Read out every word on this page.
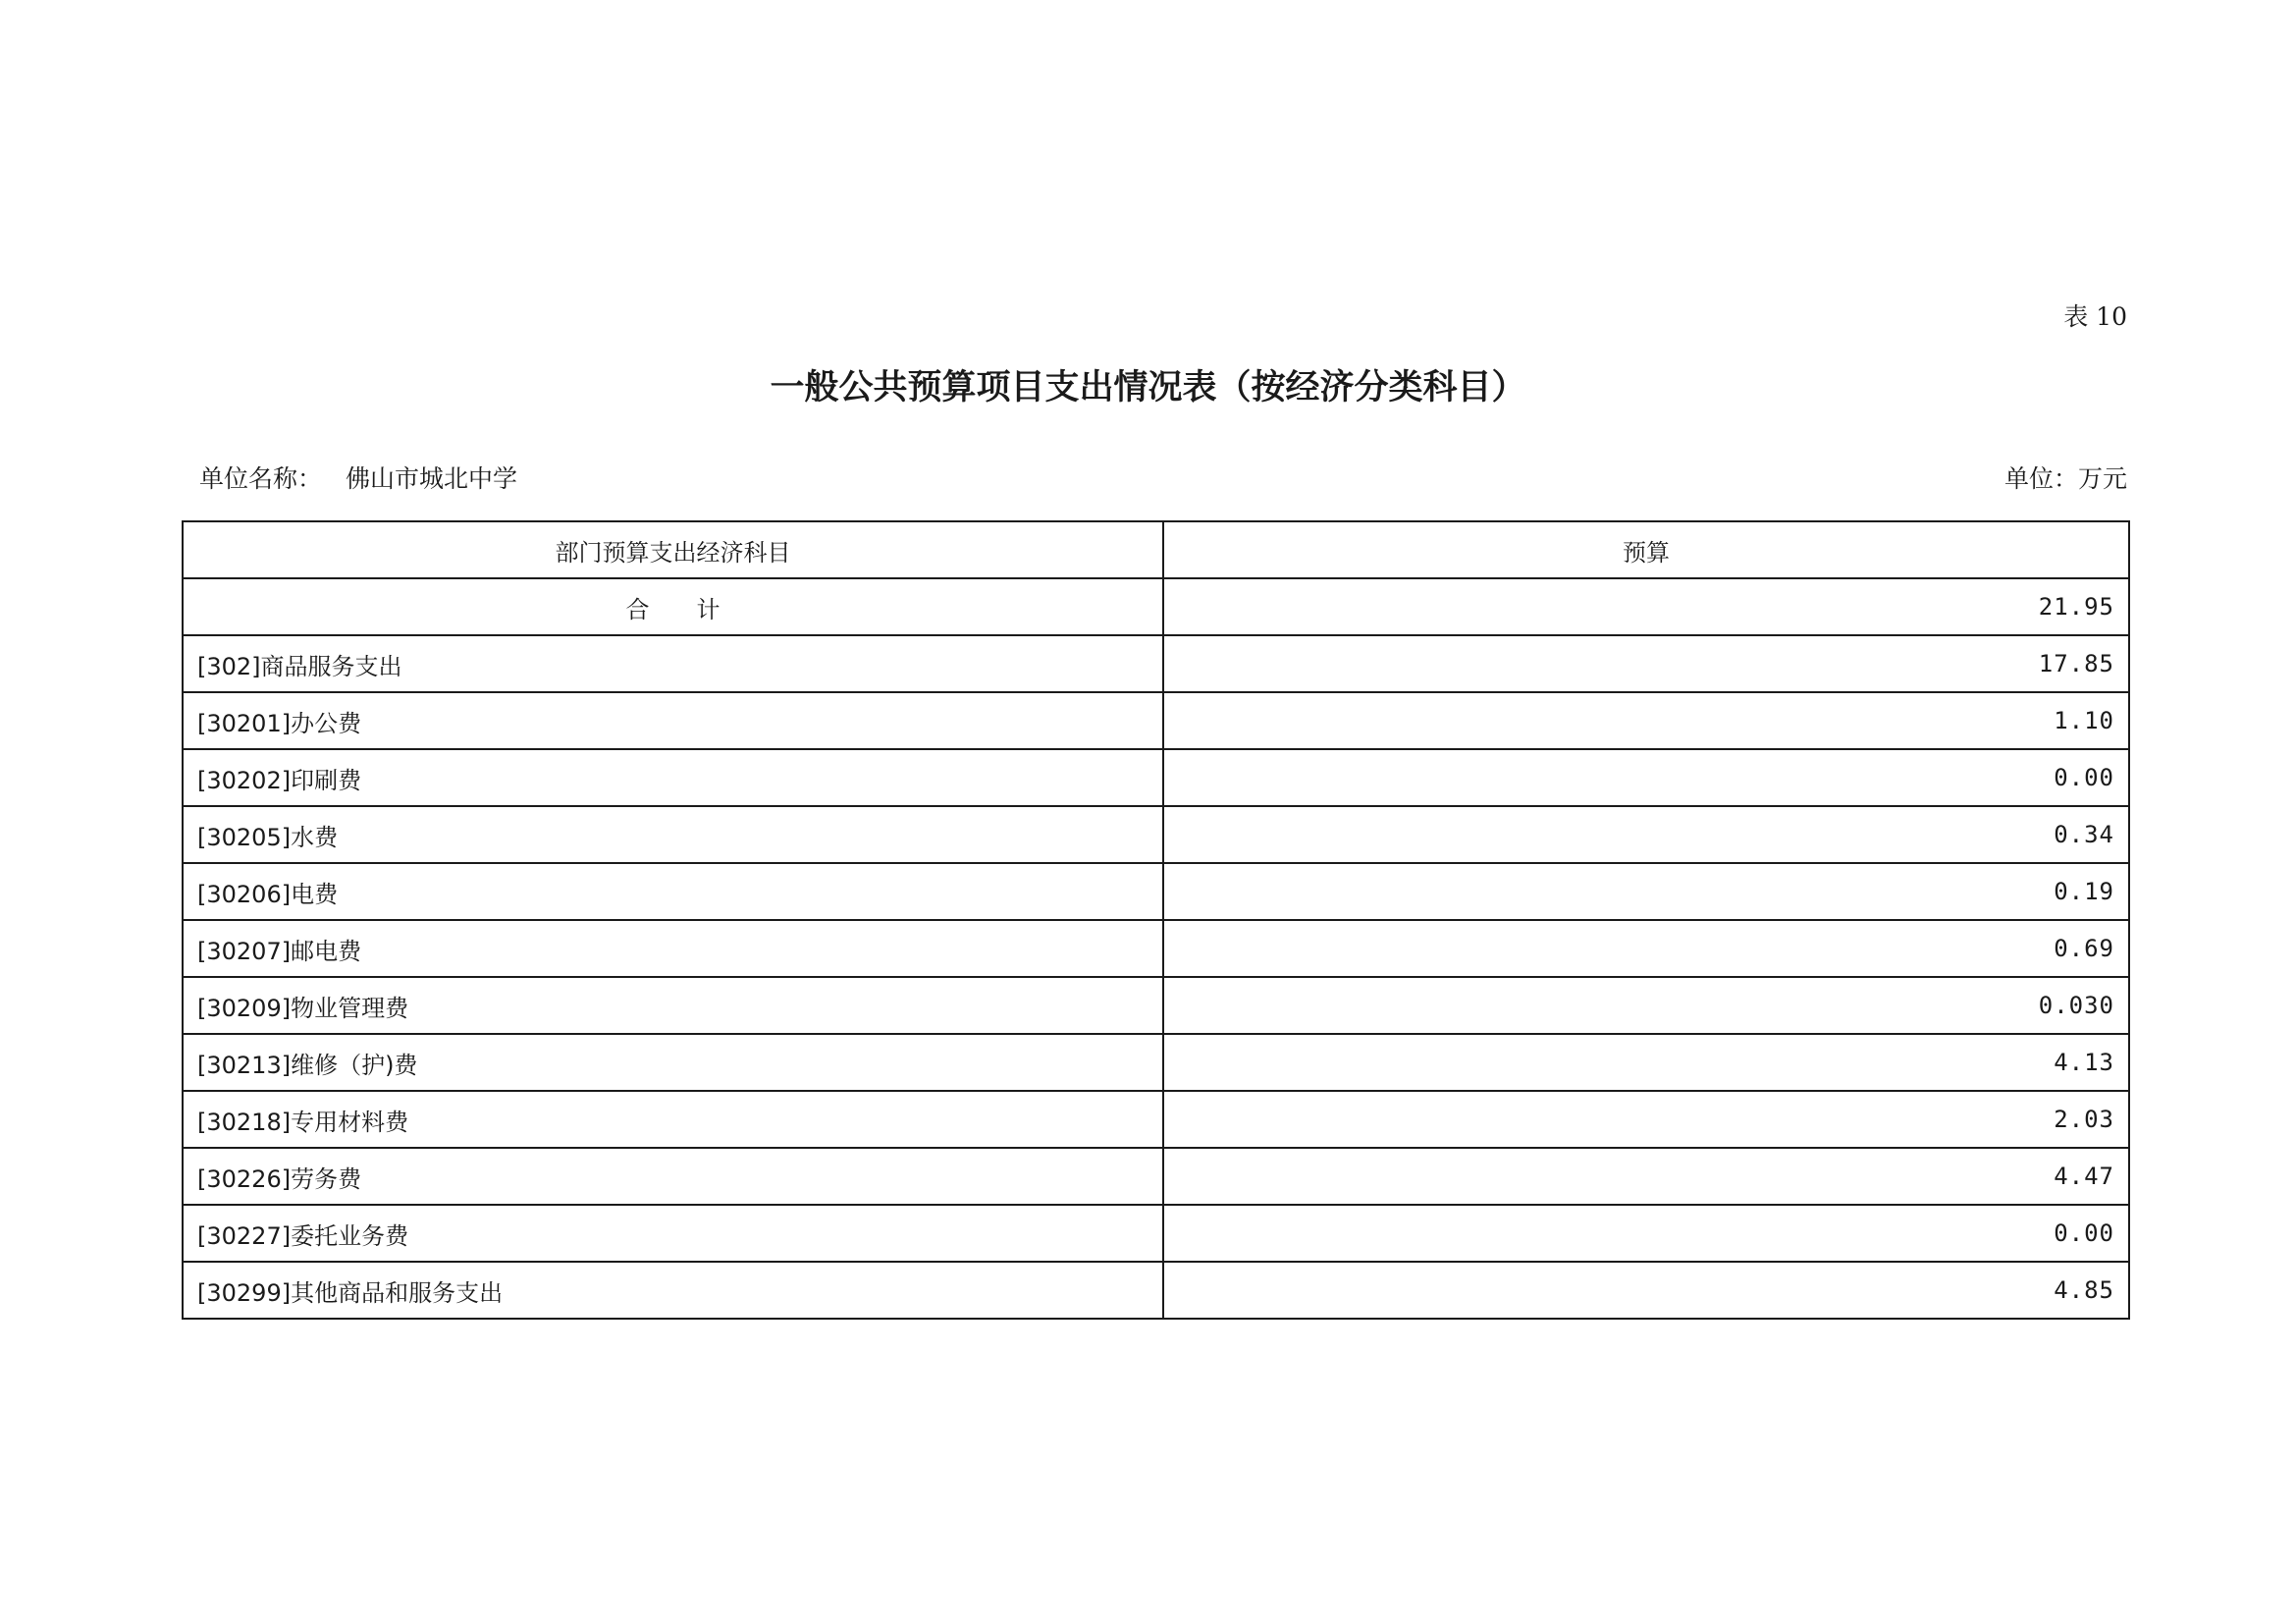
表 10
一般公共预算项目支出情况表（按经济分类科目）
单位名称： 佛山市城北中学	单位：万元
部门预算支出经济科目	预算
合　　计	21.95
[302]商品服务支出	17.85
[30201]办公费	1.10
[30202]印刷费	0.00
[30205]水费	0.34
[30206]电费	0.19
[30207]邮电费	0.69
[30209]物业管理费	0.030
[30213]维修（护)费	4.13
[30218]专用材料费	2.03
[30226]劳务费	4.47
[30227]委托业务费	0.00
[30299]其他商品和服务支出	4.85
